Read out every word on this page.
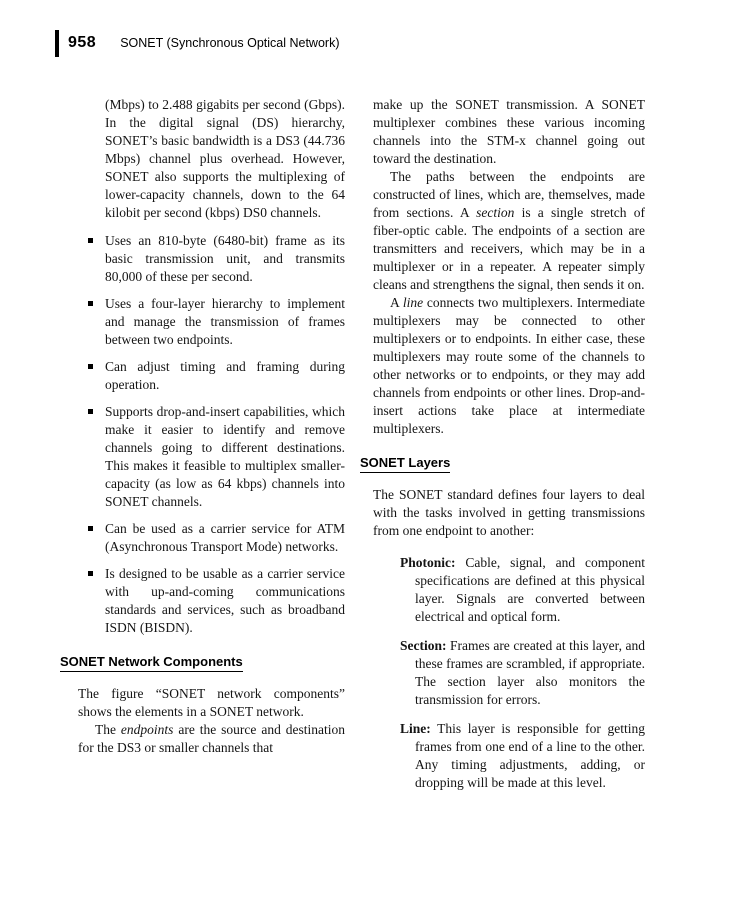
958 SONET (Synchronous Optical Network)

(Mbps) to 2.488 gigabits per second (Gbps). In the digital signal (DS) hierarchy, SONET’s basic bandwidth is a DS3 (44.736 Mbps) channel plus overhead. However, SONET also supports the multiplexing of lower-capacity channels, down to the 64 kilobit per second (kbps) DS0 channels.

Uses an 810-byte (6480-bit) frame as its basic transmission unit, and transmits 80,000 of these per second.
Uses a four-layer hierarchy to implement and manage the transmission of frames between two endpoints.
Can adjust timing and framing during operation.
Supports drop-and-insert capabilities, which make it easier to identify and remove channels going to different destinations. This makes it feasible to multiplex smaller-capacity (as low as 64 kbps) channels into SONET channels.
Can be used as a carrier service for ATM (Asynchronous Transport Mode) networks.
Is designed to be usable as a carrier service with up-and-coming communications standards and services, such as broadband ISDN (BISDN).
SONET Network Components

The figure “SONET network components” shows the elements in a SONET network.

The endpoints are the source and destination for the DS3 or smaller channels that

make up the SONET transmission. A SONET multiplexer combines these various incoming channels into the STM-x channel going out toward the destination.

The paths between the endpoints are constructed of lines, which are, themselves, made from sections. A section is a single stretch of fiber-optic cable. The endpoints of a section are transmitters and receivers, which may be in a multiplexer or in a repeater. A repeater simply cleans and strengthens the signal, then sends it on.

A line connects two multiplexers. Intermediate multiplexers may be connected to other multiplexers or to endpoints. In either case, these multiplexers may route some of the channels to other networks or to endpoints, or they may add channels from endpoints or other lines. Drop-and-insert actions take place at intermediate multiplexers.

SONET Layers

The SONET standard defines four layers to deal with the tasks involved in getting transmissions from one endpoint to another:

Photonic: Cable, signal, and component specifications are defined at this physical layer. Signals are converted between electrical and optical form.

Section: Frames are created at this layer, and these frames are scrambled, if appropriate. The section layer also monitors the transmission for errors.

Line: This layer is responsible for getting frames from one end of a line to the other. Any timing adjustments, adding, or dropping will be made at this level.
